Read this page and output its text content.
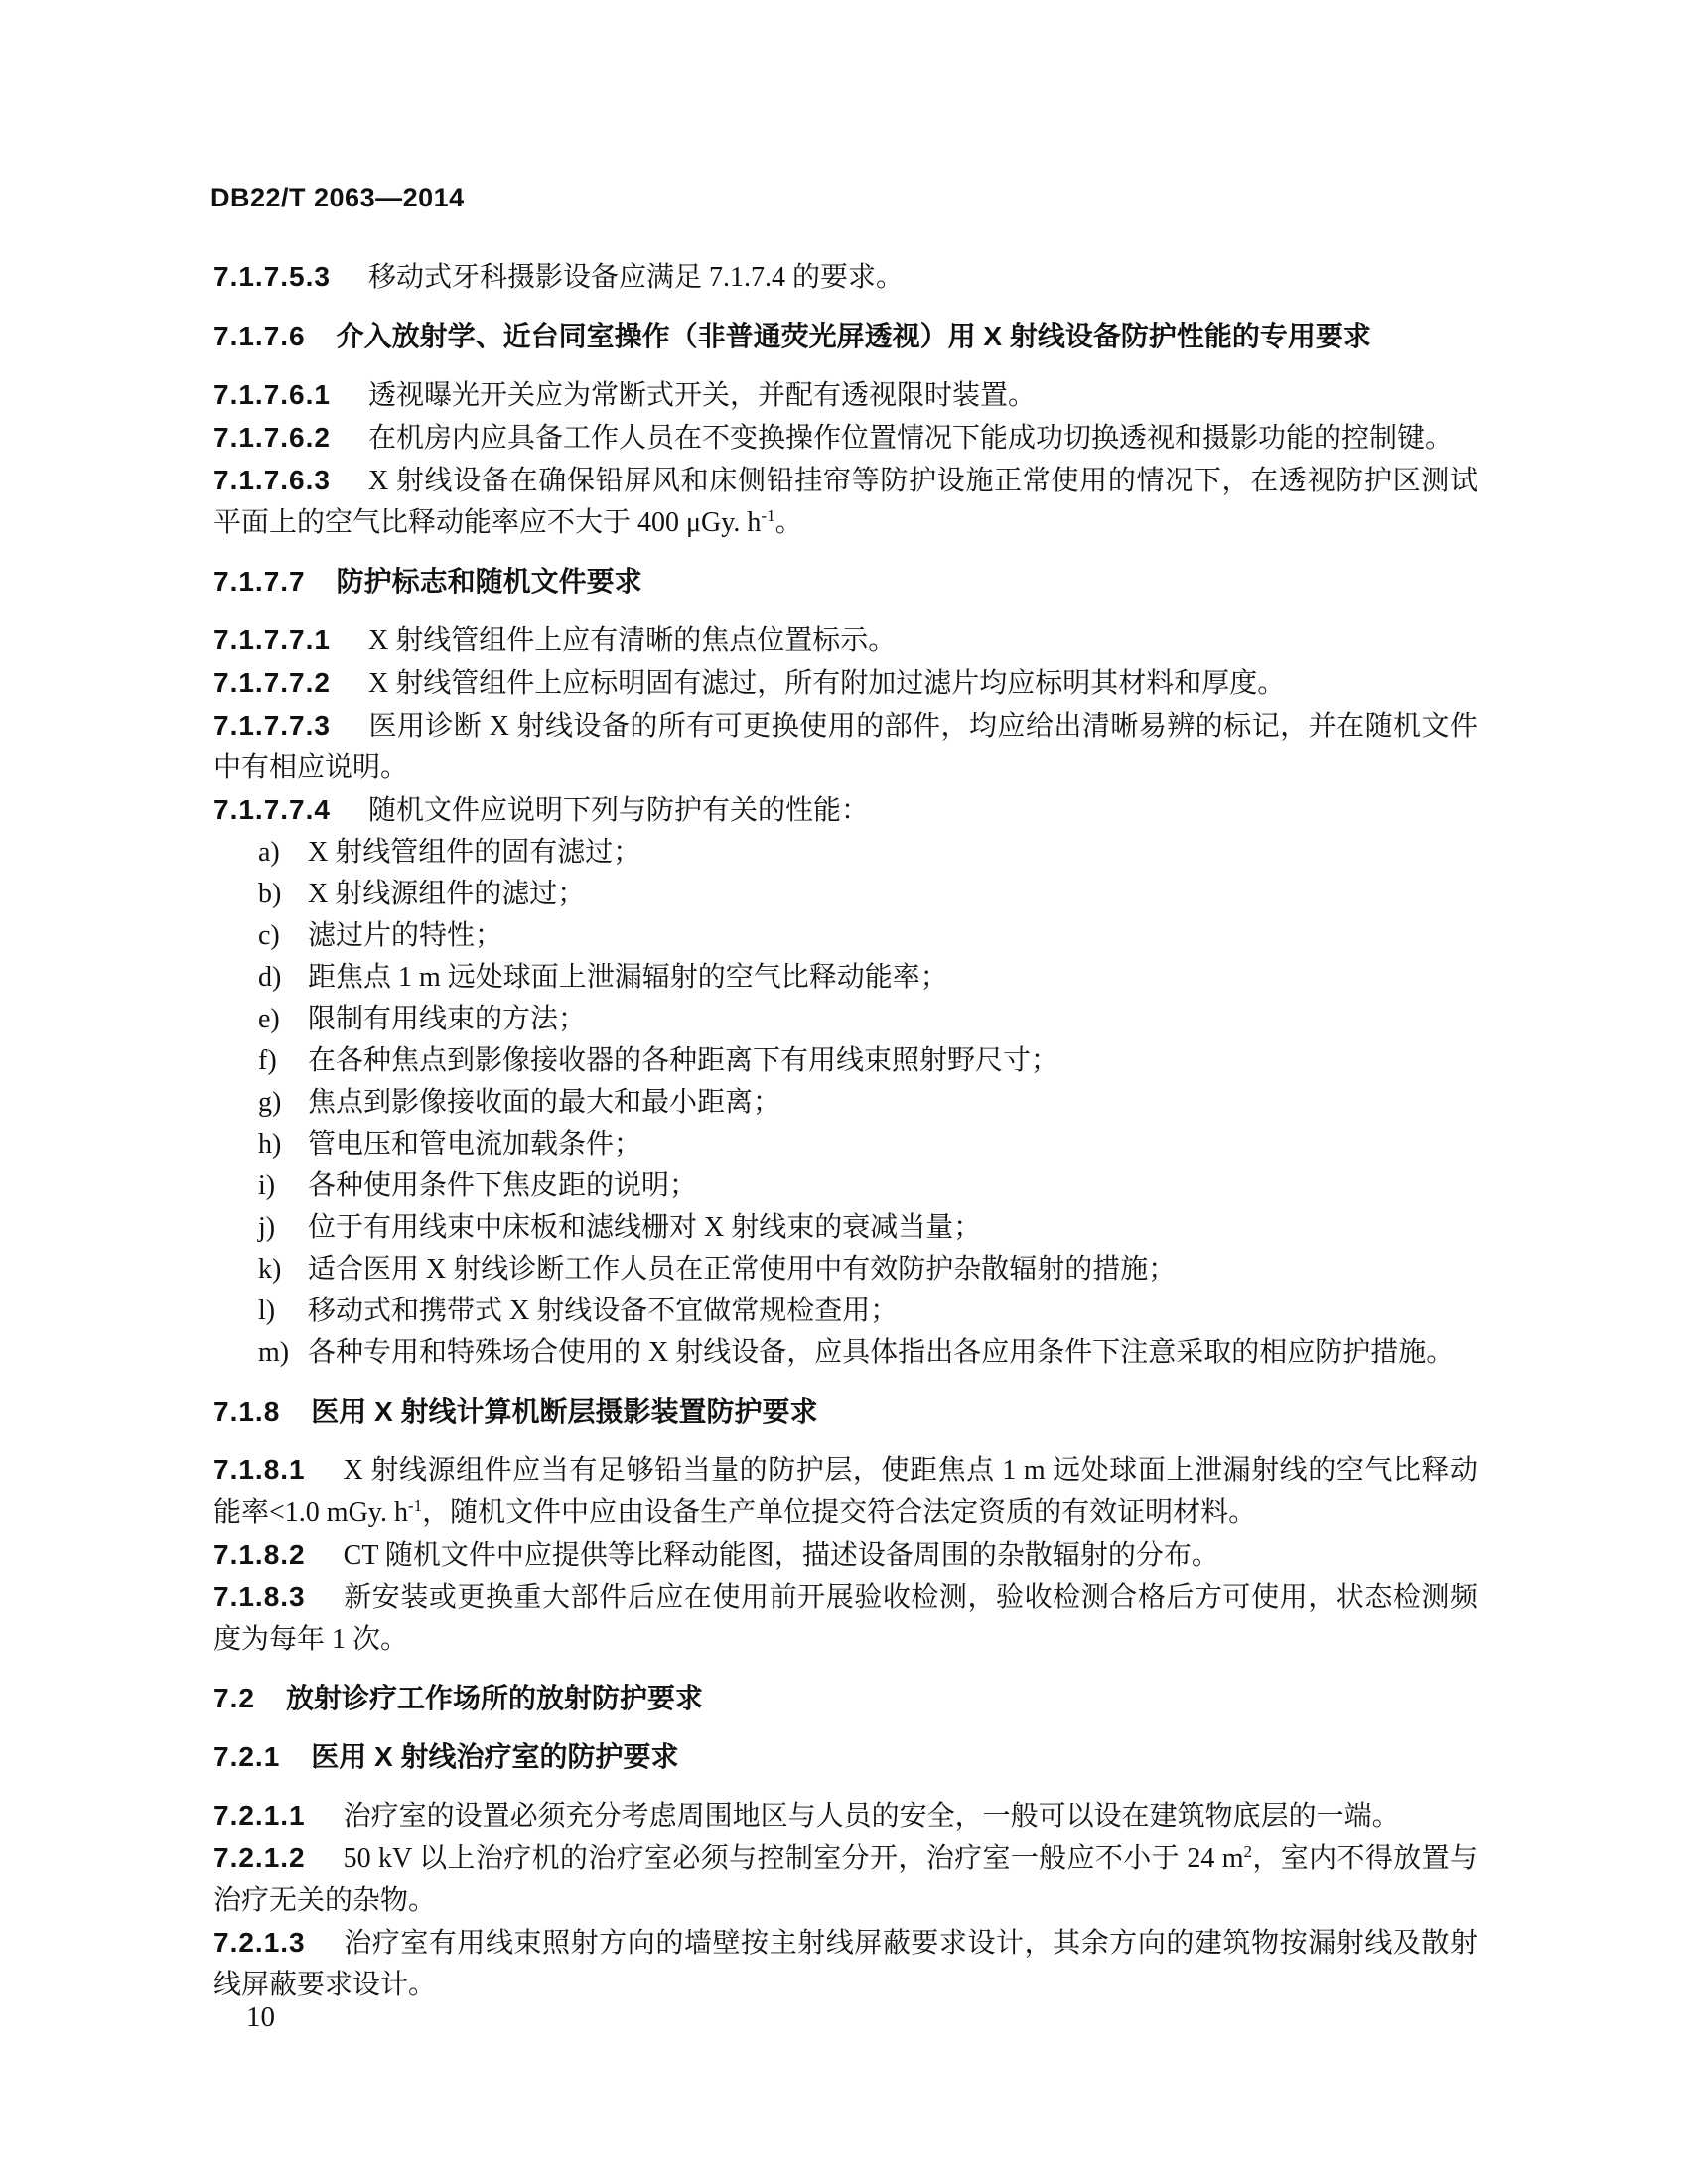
DB22/T 2063—2014

7.1.7.5.3 移动式牙科摄影设备应满足 7.1.7.4 的要求。

7.1.7.6 介入放射学、近台同室操作（非普通荧光屏透视）用 X 射线设备防护性能的专用要求

7.1.7.6.1 透视曝光开关应为常断式开关，并配有透视限时装置。

7.1.7.6.2 在机房内应具备工作人员在不变换操作位置情况下能成功切换透视和摄影功能的控制键。

7.1.7.6.3 X 射线设备在确保铅屏风和床侧铅挂帘等防护设施正常使用的情况下，在透视防护区测试平面上的空气比释动能率应不大于 400 μGy. $h^{-1}$。

7.1.7.7 防护标志和随机文件要求

7.1.7.7.1 X 射线管组件上应有清晰的焦点位置标示。

7.1.7.7.2 X 射线管组件上应标明固有滤过，所有附加过滤片均应标明其材料和厚度。

7.1.7.7.3 医用诊断 X 射线设备的所有可更换使用的部件，均应给出清晰易辨的标记，并在随机文件中有相应说明。

7.1.7.7.4 随机文件应说明下列与防护有关的性能：

a) X 射线管组件的固有滤过；

b) X 射线源组件的滤过；

c) 滤过片的特性；

d) 距焦点 1 m 远处球面上泄漏辐射的空气比释动能率；

e) 限制有用线束的方法；

f) 在各种焦点到影像接收器的各种距离下有用线束照射野尺寸；

g) 焦点到影像接收面的最大和最小距离；

h) 管电压和管电流加载条件；

i) 各种使用条件下焦皮距的说明；

j) 位于有用线束中床板和滤线栅对 X 射线束的衰减当量；

k) 适合医用 X 射线诊断工作人员在正常使用中有效防护杂散辐射的措施；

l) 移动式和携带式 X 射线设备不宜做常规检查用；

m) 各种专用和特殊场合使用的 X 射线设备，应具体指出各应用条件下注意采取的相应防护措施。

7.1.8 医用 X 射线计算机断层摄影装置防护要求

7.1.8.1 X 射线源组件应当有足够铅当量的防护层，使距焦点 1 m 远处球面上泄漏射线的空气比释动能率<1.0 mGy. $h^{-1}$，随机文件中应由设备生产单位提交符合法定资质的有效证明材料。

7.1.8.2 CT 随机文件中应提供等比释动能图，描述设备周围的杂散辐射的分布。

7.1.8.3 新安装或更换重大部件后应在使用前开展验收检测，验收检测合格后方可使用，状态检测频度为每年 1 次。

7.2 放射诊疗工作场所的放射防护要求

7.2.1 医用 X 射线治疗室的防护要求

7.2.1.1 治疗室的设置必须充分考虑周围地区与人员的安全，一般可以设在建筑物底层的一端。

7.2.1.2 50 kV 以上治疗机的治疗室必须与控制室分开，治疗室一般应不小于 24 $m^2$，室内不得放置与治疗无关的杂物。

7.2.1.3 治疗室有用线束照射方向的墙壁按主射线屏蔽要求设计，其余方向的建筑物按漏射线及散射线屏蔽要求设计。

10
